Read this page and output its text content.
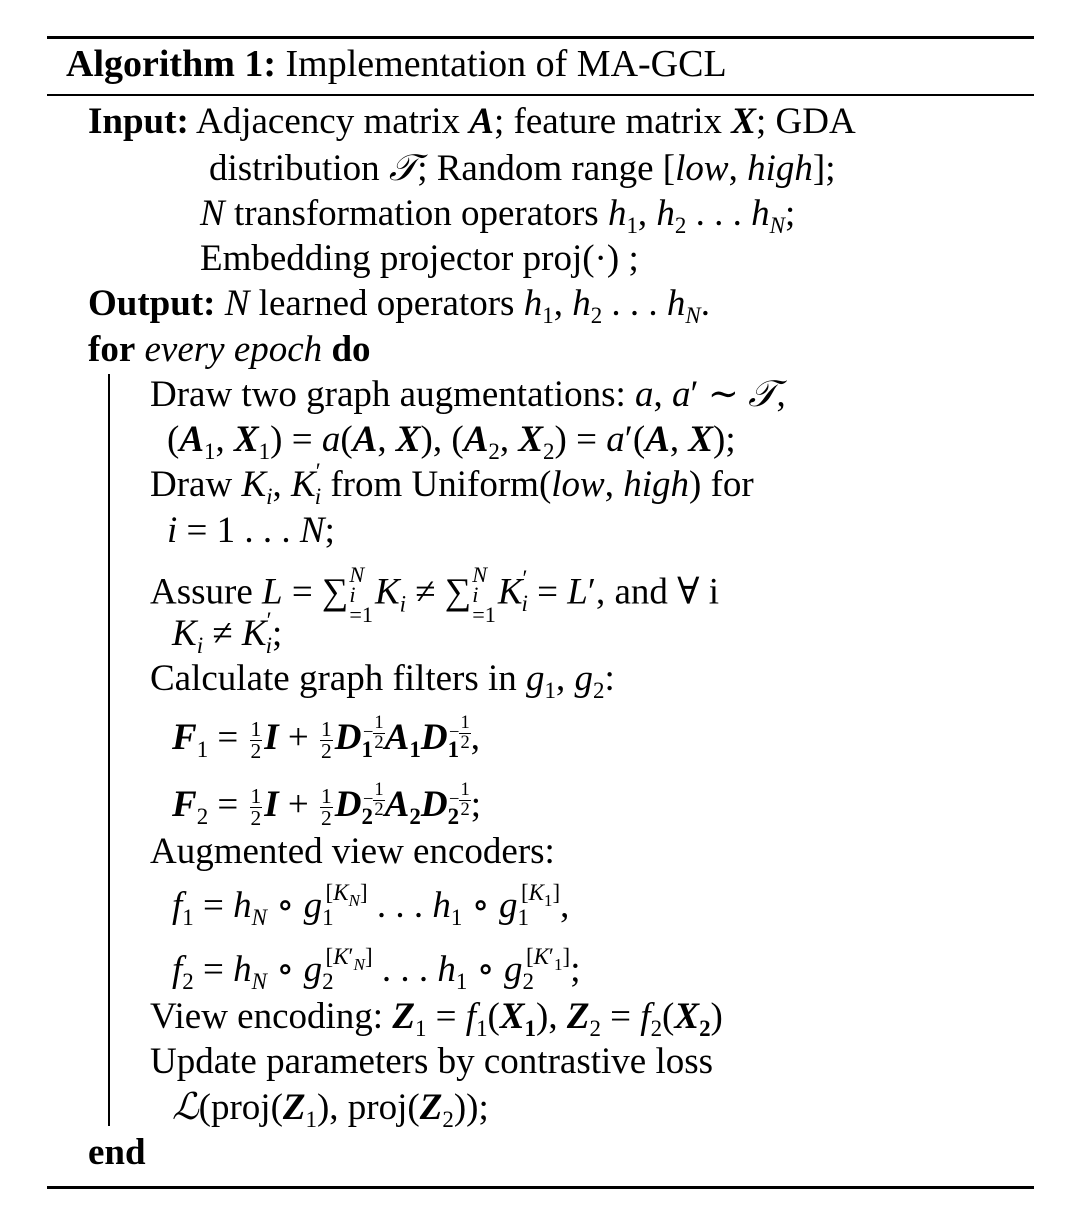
Algorithm 1: Implementation of MA-GCL
Input: Adjacency matrix A; feature matrix X; GDA
distribution 𝒯; Random range [low, high];
N transformation operators $h_1$, $h_2$ . . . $h_N$;
Embedding projector proj(·) ;
Output: N learned operators $h_1$, $h_2$ . . . $h_N$.
for every epoch do
Draw two graph augmentations: a, a′ ∼ 𝒯,
($A_1$, $X_1) = a(A$, X), ($A_2$, $X_2) = a'(A$, X);
Draw $K_i$, $K'_i$ from Uniform(low, high) for
i = 1 . . . N;
Assure L = ∑ N
i
=1
$K_i$ ≠ ∑ N
i
=1
$K'_i = L'$, and ∀ i
$K_i \ne K'_i$;
Calculate graph filters in $g_1$, $g_2$:
$F_1 = \frac{1}{2}$ $I + \frac{1}{2} D_1- \frac{1}{2} A_1D_1- \frac{1}{2}$ ,
$F_2 = \frac{1}{2}$ $I + \frac{1}{2} D_2- \frac{1}{2} A_2D_2- \frac{1}{2}$ ;
Augmented view encoders:
$f_1 = h_N$ ∘ $g_1[KN]$ . . . $h_1$ ∘ $g_1[K1]$,
$f_2 = h_N$ ∘ $g_2[K'N]$ . . . $h_1$ ∘ $g_2[K'1]$;
View encoding: $Z_1 = f_1(X_1)$, $Z_2 = f_2(X_2)$
Update parameters by contrastive loss
$ℒ(proj(Z_1)$, $proj(Z_2)$);
end
